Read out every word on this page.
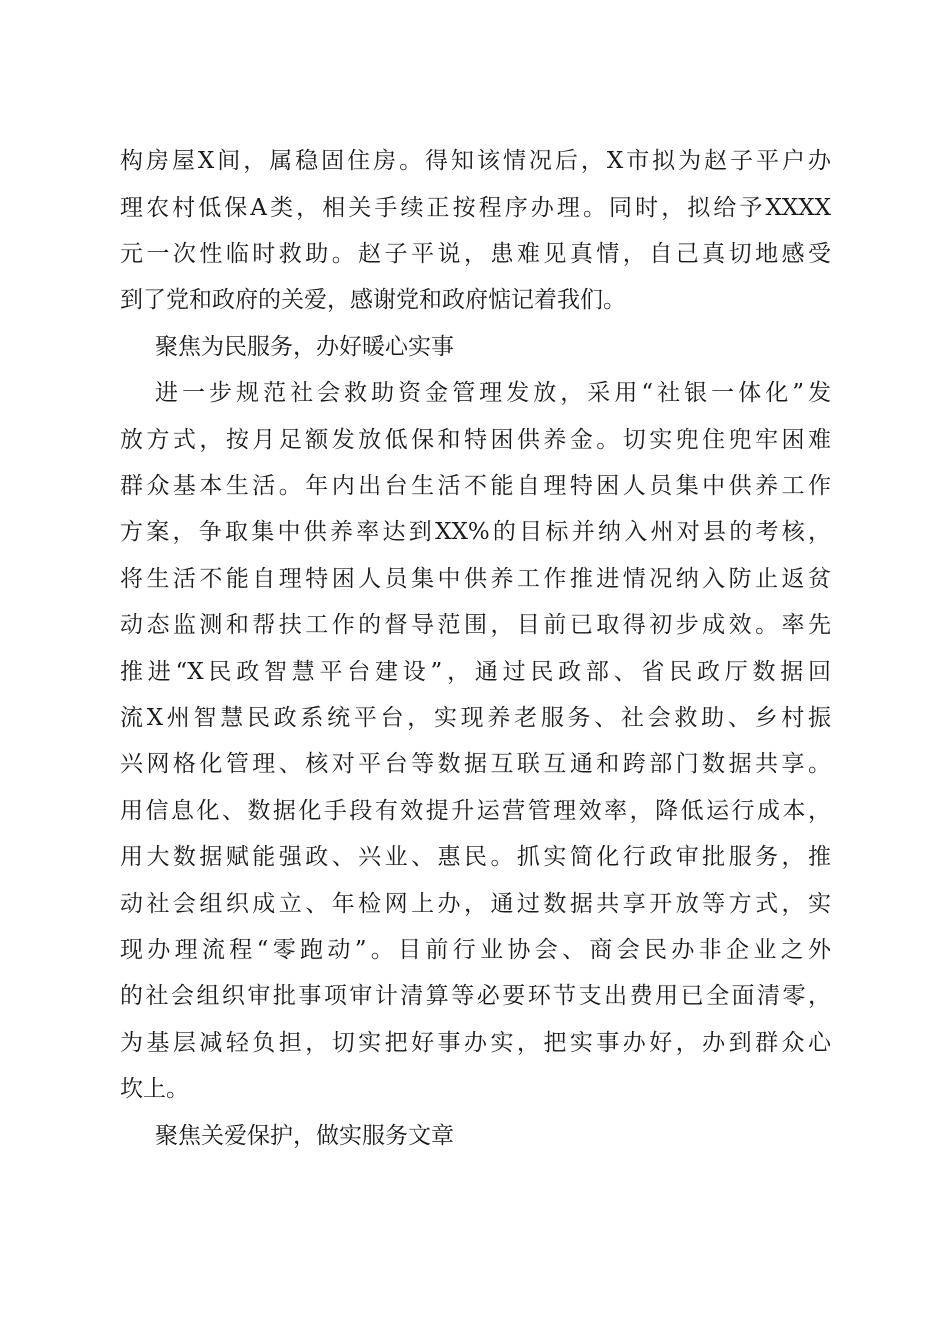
构房屋X间，属稳固住房。得知该情况后，X市拟为赵子平户办
理农村低保A类，相关手续正按程序办理。同时，拟给予XXXX
元一次性临时救助。赵子平说，患难见真情，自己真切地感受
到了党和政府的关爱，感谢党和政府惦记着我们。
聚焦为民服务，办好暖心实事
进一步规范社会救助资金管理发放，采用“社银一体化”发
放方式，按月足额发放低保和特困供养金。切实兜住兜牢困难
群众基本生活。年内出台生活不能自理特困人员集中供养工作
方案，争取集中供养率达到XX%的目标并纳入州对县的考核，
将生活不能自理特困人员集中供养工作推进情况纳入防止返贫
动态监测和帮扶工作的督导范围，目前已取得初步成效。率先
推进“X民政智慧平台建设”，通过民政部、省民政厅数据回
流X州智慧民政系统平台，实现养老服务、社会救助、乡村振
兴网格化管理、核对平台等数据互联互通和跨部门数据共享。
用信息化、数据化手段有效提升运营管理效率，降低运行成本，
用大数据赋能强政、兴业、惠民。抓实简化行政审批服务，推
动社会组织成立、年检网上办，通过数据共享开放等方式，实
现办理流程“零跑动”。目前行业协会、商会民办非企业之外
的社会组织审批事项审计清算等必要环节支出费用已全面清零，
为基层减轻负担，切实把好事办实，把实事办好，办到群众心
坎上。
聚焦关爱保护，做实服务文章
